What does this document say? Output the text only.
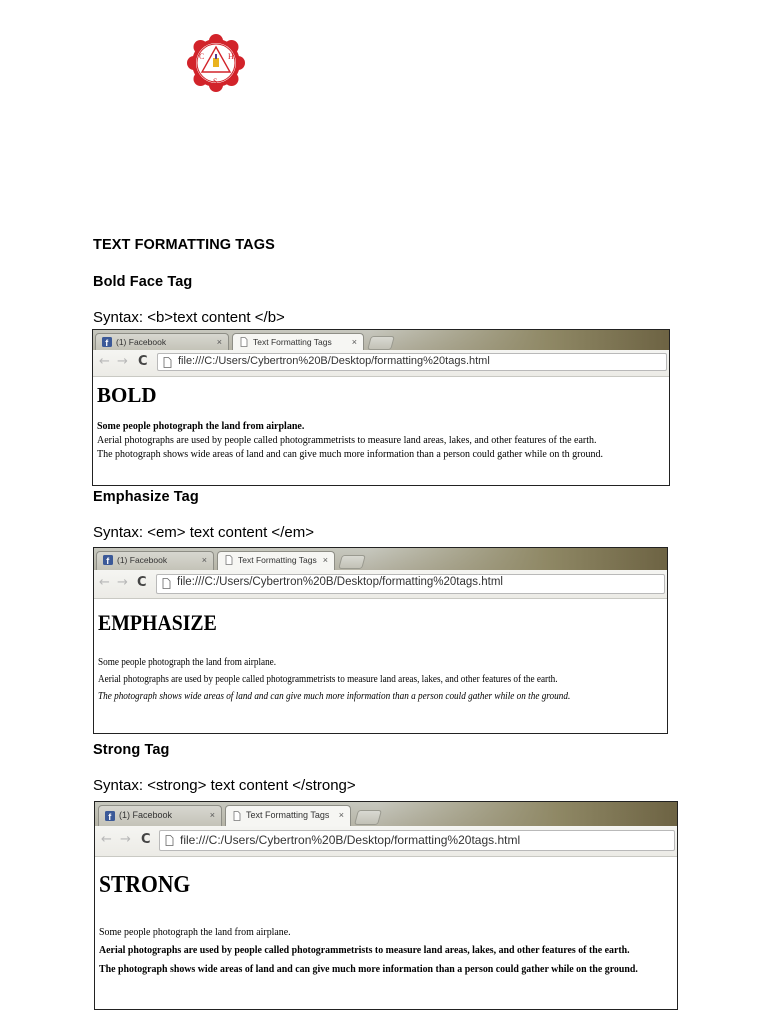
C	H
S
TEXT FORMATTING TAGS
Bold Face Tag
Syntax: <b>text content </b>
f (1) Facebook	×	Text Formatting Tags ×
← → C	file:///C:/Users/Cybertron%20B/Desktop/formatting%20tags.html
BOLD
Some people photograph the land from airplane.
Aerial photographs are used by people called photogrammetrists to measure land areas, lakes, and other features of the earth.
The photograph shows wide areas of land and can give much more information than a person could gather while on th ground.
Emphasize Tag
Syntax: <em> text content </em>
f (1) Facebook	×	Text Formatting Tags ×
← → C	file:///C:/Users/Cybertron%20B/Desktop/formatting%20tags.html
EMPHASIZE
Some people photograph the land from airplane.
Aerial photographs are used by people called photogrammetrists to measure land areas, lakes, and other features of the earth.
The photograph shows wide areas of land and can give much more information than a person could gather while on the ground.
Strong Tag
Syntax: <strong> text content </strong>
f (1) Facebook	×	Text Formatting Tags ×
← → C file:///C:/Users/Cybertron%20B/Desktop/formatting%20tags.html
STRONG
Some people photograph the land from airplane.
Aerial photographs are used by people called photogrammetrists to measure land areas, lakes, and other features of the earth.
The photograph shows wide areas of land and can give much more information than a person could gather while on the ground.
